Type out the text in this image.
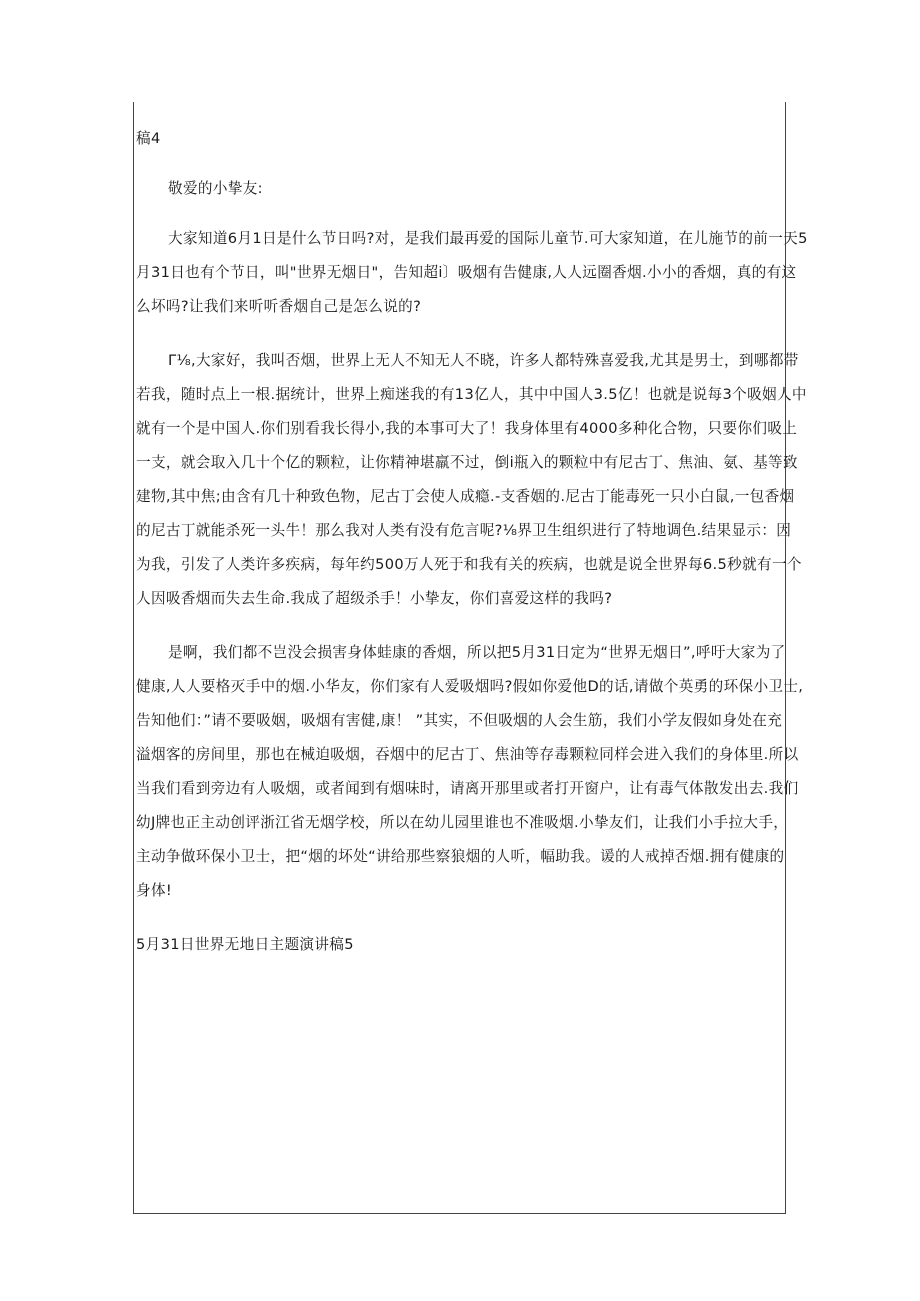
稿4

敬爱的小挚友:

大家知道6月1日是什么节日吗?对，是我们最再爱的国际儿童节.可大家知道，在儿施节的前一天5

月31日也有个节日，叫"世界无烟日"，告知超i〕吸烟有告健康,人人远圈香烟.小小的香烟，真的有这

么坏吗?让我们来听听香烟自己是怎么说的?

Γ⅛,大家好，我叫否烟，世界上无人不知无人不晓，许多人都特殊喜爱我,尤其是男士，到哪都带

若我，随时点上一根.据统计，世界上痴迷我的有13亿人，其中中国人3.5亿！也就是说每3个吸姻人中

就有一个是中国人.你们别看我长得小,我的本事可大了！我身体里有4000多种化合物，只要你们吸上

一支，就会取入几十个亿的颗粒，让你精神堪羸不过，倒i瓶入的颗粒中有尼古丁、焦油、氨、基等致

建物,其中焦;由含有几十种致色物，尼古丁会使人成瘾.-支香姻的.尼古丁能毒死一只小白鼠,一包香烟

的尼古丁就能杀死一头牛！那么我对人类有没有危言呢?⅛界卫生组织进行了特地调色.结果显示：因

为我，引发了人类许多疾病，每年约500万人死于和我有关的疾病，也就是说全世界每6.5秒就有一个

人因吸香烟而失去生命.我成了超级杀手！小挚友，你们喜爱这样的我吗?

是啊，我们都不岂没会损害身体蛙康的香烟，所以把5月31日定为“世界无烟日”,呼吁大家为了

健康,人人要格灭手中的烟.小华友，你们家有人爱吸烟吗?假如你爱他D的话,请做个英勇的环保小卫士,

告知他们：”请不要吸姻，吸烟有害健,康！ ”其实，不但吸烟的人会生筋，我们小学友假如身处在充

溢烟客的房间里，那也在械迫吸烟，吞烟中的尼古丁、焦油等存毒颗粒同样会进入我们的身体里.所以

当我们看到旁边有人吸烟，或者闻到有烟味时，请离开那里或者打开窗户，让有毒气体散发出去.我们

幼J牌也正主动创评浙江省无烟学校，所以在幼儿园里谁也不准吸烟.小挚友们，让我们小手拉大手，

主动争做环保小卫士，把“烟的坏处“讲给那些察狼烟的人听，幅助我。谖的人戒掉否烟.拥有健康的

身体!

5月31日世界无地日主题演讲稿5
